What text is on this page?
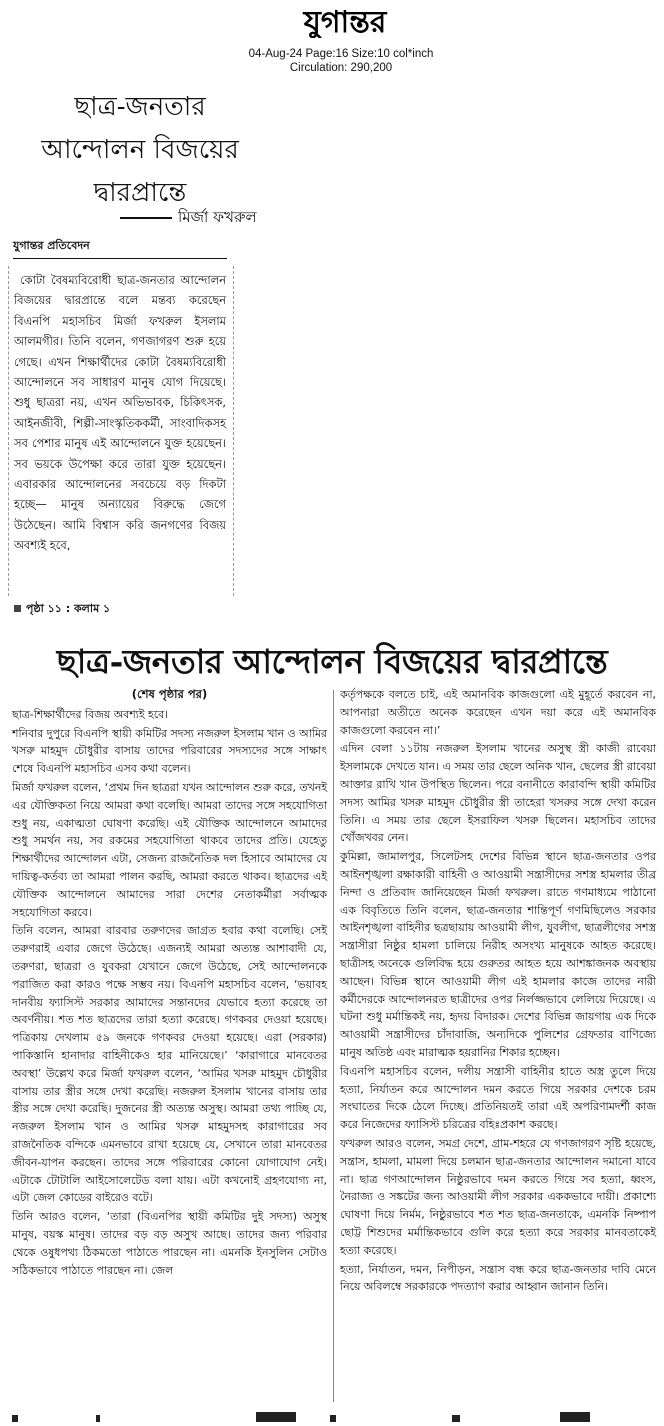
যুগান্তর
04-Aug-24 Page:16 Size:10 col*inch
Circulation: 290,200
ছাত্র-জনতার
আন্দোলন বিজয়ের
দ্বারপ্রান্তে
মির্জা ফখরুল
যুগান্তর প্রতিবেদন

কোটা বৈষম্যবিরোধী ছাত্র-জনতার আন্দোলন বিজয়ের দ্বারপ্রান্তে বলে মন্তব্য করেছেন বিএনপি মহাসচিব মির্জা ফখরুল ইসলাম আলমগীর। তিনি বলেন, গণজাগরণ শুরু হয়ে গেছে। এখন শিক্ষার্থীদের কোটা বৈষম্যবিরোধী আন্দোলনে সব সাধারণ মানুষ যোগ দিয়েছে। শুধু ছাত্ররা নয়, এখন অভিভাবক, চিকিৎসক, আইনজীবী, শিল্পী-সাংস্কৃতিককর্মী, সাংবাদিকসহ সব পেশার মানুষ এই আন্দোলনে যুক্ত হয়েছেন। সব ভয়কে উপেক্ষা করে তারা যুক্ত হয়েছেন। এবারকার আন্দোলনের সবচেয়ে বড় দিকটা হচ্ছে— মানুষ অন্যায়ের বিরুদ্ধে জেগে উঠেছেন। আমি বিশ্বাস করি জনগণের বিজয় অবশ্যই হবে,

পৃষ্ঠা ১১ : কলাম ১
ছাত্র-জনতার আন্দোলন বিজয়ের দ্বারপ্রান্তে
(শেষ পৃষ্ঠার পর)

ছাত্র-শিক্ষার্থীদের বিজয় অবশ্যই হবে।

শনিবার দুপুরে বিএনপি স্থায়ী কমিটির সদস্য নজরুল ইসলাম খান ও আমির খসরু মাহমুদ চৌধুরীর বাসায় তাদের পরিবারের সদস্যদের সঙ্গে সাক্ষাৎ শেষে বিএনপি মহাসচিব এসব কথা বলেন।

মির্জা ফখরুল বলেন, ‘প্রথম দিন ছাত্ররা যখন আন্দোলন শুরু করে, তখনই এর যৌক্তিকতা নিয়ে আমরা কথা বলেছি। আমরা তাদের সঙ্গে সহযোগিতা শুধু নয়, একাত্মতা ঘোষণা করেছি। এই যৌক্তিক আন্দোলনে আমাদের শুধু সমর্থন নয়, সব রকমের সহযোগিতা থাকবে তাদের প্রতি। যেহেতু শিক্ষার্থীদের আন্দোলন এটা, সেজন্য রাজনৈতিক দল হিসাবে আমাদের যে দায়িত্ব-কর্তব্য তা আমরা পালন করছি, আমরা করতে থাকব। ছাত্রদের এই যৌক্তিক আন্দোলনে আমাদের সারা দেশের নেতাকর্মীরা সর্বাত্মক সহযোগিতা করবে।

তিনি বলেন, আমরা বারবার তরুণদের জাগ্রত হবার কথা বলেছি। সেই তরুণরাই এবার জেগে উঠেছে। এজন্যই আমরা অত্যন্ত আশাবাদী যে, তরুণরা, ছাত্ররা ও যুবকরা যেখানে জেগে উঠেছে, সেই আন্দোলনকে পরাজিত করা কারও পক্ষে সম্ভব নয়। বিএনপি মহাসচিব বলেন, ‘ভয়াবহ দানবীয় ফ্যাসিস্ট সরকার আমাদের সন্তানদের যেভাবে হত্যা করেছে তা অবর্ণনীয়। শত শত ছাত্রদের তারা হত্যা করেছে। গণকবর দেওয়া হয়েছে। পত্রিকায় দেখলাম ৫৯ জনকে গণকবর দেওয়া হয়েছে। এরা (সরকার) পাকিস্তানি হানাদার বাহিনীকেও হার মানিয়েছে।’ ‘কারাগারে মানবেতর অবস্থা’ উল্লেখ করে মির্জা ফখরুল বলেন, ‘আমির খসরু মাহমুদ চৌধুরীর বাসায় তার স্ত্রীর সঙ্গে দেখা করেছি। নজরুল ইসলাম খানের বাসায় তার স্ত্রীর সঙ্গে দেখা করেছি। দুজনের স্ত্রী অত্যন্ত অসুস্থ। আমরা তথ্য পাচ্ছি যে, নজরুল ইসলাম খান ও আমির খসরু মাহমুদসহ কারাগারের সব রাজনৈতিক বন্দিকে এমনভাবে রাখা হয়েছে যে, সেখানে তারা মানবেতর জীবন-যাপন করছেন। তাদের সঙ্গে পরিবারের কোনো যোগাযোগ নেই। এটাকে টোটালি আইসোলেটেড বলা যায়। এটা কখনোই গ্রহণযোগ্য না, এটা জেল কোডের বাইরেও বটে।

তিনি আরও বলেন, ‘তারা (বিএনপির স্থায়ী কমিটির দুই সদস্য) অসুস্থ মানুষ, বয়স্ক মানুষ। তাদের বড় বড় অসুখ আছে। তাদের জন্য পরিবার থেকে ওষুধপথ্য ঠিকমতো পাঠাতে পারছেন না। এমনকি ইনসুলিন সেটাও সঠিকভাবে পাঠাতে পারছেন না। জেল

কর্তৃপক্ষকে বলতে চাই, এই অমানবিক কাজগুলো এই মুহূর্তে করবেন না, আপনারা অতীতে অনেক করেছেন এখন দয়া করে এই অমানবিক কাজগুলো করবেন না।’

এদিন বেলা ১১টায় নজরুল ইসলাম খানের অসুস্থ স্ত্রী কাজী রাবেয়া ইসলামকে দেখতে যান। এ সময় তার ছেলে অনিক খান, ছেলের স্ত্রী রাবেয়া আক্তার রাখি খান উপস্থিত ছিলেন। পরে বনানীতে কারাবন্দি স্থায়ী কমিটির সদস্য আমির খসরু মাহমুদ চৌধুরীর স্ত্রী তাহেরা খসরুর সঙ্গে দেখা করেন তিনি। এ সময় তার ছেলে ইসরাফিল খসরু ছিলেন। মহাসচিব তাদের খোঁজখবর নেন।

কুমিল্লা, জামালপুর, সিলেটসহ দেশের বিভিন্ন স্থানে ছাত্র-জনতার ওপর আইনশৃঙ্খলা রক্ষাকারী বাহিনী ও আওয়ামী সন্ত্রাসীদের সশস্ত্র হামলার তীব্র নিন্দা ও প্রতিবাদ জানিয়েছেন মির্জা ফখরুল। রাতে গণমাধ্যমে পাঠানো এক বিবৃতিতে তিনি বলেন, ছাত্র-জনতার শান্তিপূর্ণ গণমিছিলেও সরকার আইনশৃঙ্খলা বাহিনীর ছত্রছায়ায় আওয়ামী লীগ, যুবলীগ, ছাত্রলীগের সশস্ত্র সন্ত্রাসীরা নিষ্ঠুর হামলা চালিয়ে নিরীহ অসংখ্য মানুষকে আহত করেছে। ছাত্রীসহ অনেকে গুলিবিদ্ধ হয়ে গুরুতর আহত হয়ে আশঙ্কাজনক অবস্থায় আছেন। বিভিন্ন স্থানে আওয়ামী লীগ এই হামলার কাজে তাদের নারী কর্মীদেরকে আন্দোলনরত ছাত্রীদের ওপর নির্লজ্জভাবে লেলিয়ে দিয়েছে। এ ঘটনা শুধু মর্মান্তিকই নয়, হৃদয় বিদারক। দেশের বিভিন্ন জায়গায় এক দিকে আওয়ামী সন্ত্রাসীদের চাঁদাবাজি, অন্যদিকে পুলিশের গ্রেফতার বাণিজ্যে মানুষ অতিষ্ঠ এবং মারাত্মক হয়রানির শিকার হচ্ছেন।

বিএনপি মহাসচিব বলেন, দলীয় সন্ত্রাসী বাহিনীর হাতে অস্ত্র তুলে দিয়ে হত্যা, নির্যাতন করে আন্দোলন দমন করতে গিয়ে সরকার দেশকে চরম সংঘাতের দিকে ঠেলে দিচ্ছে। প্রতিনিয়তই তারা এই অপরিণামদর্শী কাজ করে নিজেদের ফ্যাসিস্ট চরিত্রের বহিঃপ্রকাশ করছে।

ফখরুল আরও বলেন, সমগ্র দেশে, গ্রাম-শহরে যে গণজাগরণ সৃষ্টি হয়েছে, সন্ত্রাস, হামলা, মামলা দিয়ে চলমান ছাত্র-জনতার আন্দোলন দমানো যাবে না। ছাত্র গণআন্দোলন নিষ্ঠুরভাবে দমন করতে গিয়ে সব হত্যা, ধ্বংস, নৈরাজ্য ও সঙ্কটের জন্য আওয়ামী লীগ সরকার এককভাবে দায়ী। প্রকাশ্যে ঘোষণা দিয়ে নির্মম, নিষ্ঠুরভাবে শত শত ছাত্র-জনতাকে, এমনকি নিষ্পাপ ছোট্ট শিশুদের মর্মান্তিকভাবে গুলি করে হত্যা করে সরকার মানবতাকেই হত্যা করেছে।

হত্যা, নির্যাতন, দমন, নিপীড়ন, সন্ত্রাস বন্ধ করে ছাত্র-জনতার দাবি মেনে নিয়ে অবিলম্বে সরকারকে পদত্যাগ করার আহ্বান জানান তিনি।
